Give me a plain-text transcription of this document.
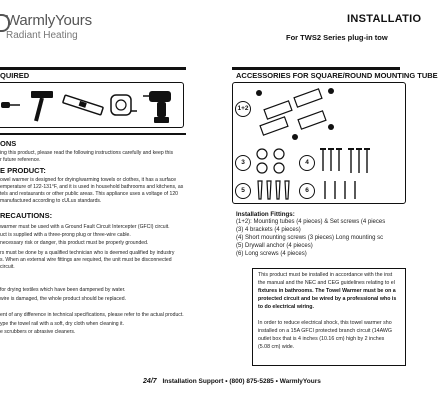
WarmlyYours
Radiant Heating
INSTALLATIO
For TWS2 Series plug-in tow
QUIRED
ONS
ing this product, please read the following instructions carefully and keep this
r future reference.
E PRODUCT:
owel warmer is designed for drying/warming towels or clothes, it has a surface
emperature of 122-131°F, and it is used in household bathrooms and kitchens, as
tels and restaurants or other public areas. This appliance uses a voltage of 120
manufactured according to cULus standards.
RECAUTIONS:
warmer must be used with a Ground Fault Circuit Intercepter (GFCI) circuit.
uct is supplied with a three-prong plug or three-wire cable.
necessary risk or danger, this product must be properly grounded.
rs must be done by a qualified technician who is deemed qualified by industry
s. When an external wire fittings are required, the unit must be disconnected
circuit.
for drying textiles which have been dampened by water.
wire is damaged, the whole product should be replaced.
ent of any difference in technical specifications, please refer to the actual product.
ype the towel rail with a soft, dry cloth when cleaning it.
e scrubbers or abrasive cleaners.
ACCESSORIES FOR SQUARE/ROUND MOUNTING TUBE
1+2
3	4
5	6
Installation Fittings:
(1+2): Mounting tubes (4 pieces) & Set screws (4 pieces
(3) 4 brackets (4 pieces)
(4) Short mounting screws (3 pieces) Long mounting sc
(5) Drywall anchor (4 pieces)
(6) Long screws (4 pieces)
This product must be installed in accordance with the inst
the manual and the NEC and CEG guidelines relating to el
fixtures in bathrooms. The Towel Warmer must be on a
protected circuit and be wired by a professional who is
to do electrical wiring.
In order to reduce electrical shock, this towel warmer sho
installed on a 15A GFCI protected branch circuit (14AWG
outlet box that is 4 inches (10.16 cm) high by 2 inches
(5.08 cm) wide.
24/7 Installation Support • (800) 875-5285 • WarmlyYours
